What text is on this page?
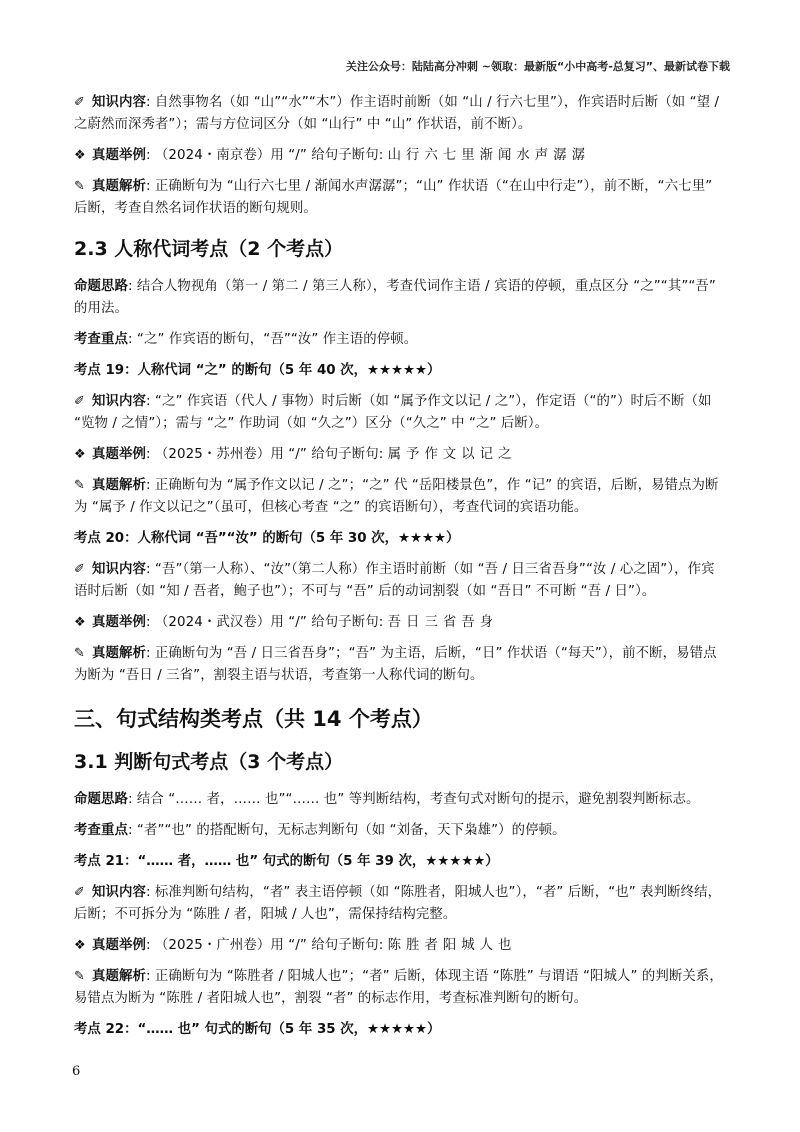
关注公众号：陆陆高分冲刺 ~领取：最新版“小中高考-总复习”、最新试卷下载
✐ 知识内容: 自然事物名（如 “山”“水”“木”）作主语时前断（如 “山 / 行六七里”），作宾语时后断（如 “望 / 之蔚然而深秀者”）；需与方位词区分（如 “山行” 中 “山” 作状语，前不断）。
❖ 真题举例: （2024・南京卷）用 “/” 给句子断句: 山行六七里渐闻水声潺潺
✎ 真题解析: 正确断句为 “山行六七里 / 渐闻水声潺潺”；“山” 作状语（“在山中行走”），前不断，“六七里” 后断，考查自然名词作状语的断句规则。
2.3 人称代词考点（2 个考点）
命题思路: 结合人物视角（第一 / 第二 / 第三人称），考查代词作主语 / 宾语的停顿，重点区分 “之”“其”“吾” 的用法。
考查重点: “之” 作宾语的断句，“吾”“汝” 作主语的停顿。
考点 19：人称代词 “之” 的断句（5 年 40 次，★★★★★）
✐ 知识内容: “之” 作宾语（代人 / 事物）时后断（如 “属予作文以记 / 之”），作定语（“的”）时后不断（如 “览物 / 之情”）；需与 “之” 作助词（如 “久之”）区分（“久之” 中 “之” 后断）。
❖ 真题举例: （2025・苏州卷）用 “/” 给句子断句: 属予作文以记之
✎ 真题解析: 正确断句为 “属予作文以记 / 之”；“之” 代 “岳阳楼景色”，作 “记” 的宾语，后断，易错点为断为 “属予 / 作文以记之”（虽可，但核心考查 “之” 的宾语断句），考查代词的宾语功能。
考点 20：人称代词 “吾”“汝” 的断句（5 年 30 次，★★★★）
✐ 知识内容: “吾”（第一人称）、“汝”（第二人称）作主语时前断（如 “吾 / 日三省吾身”“汝 / 心之固”），作宾语时后断（如 “知 / 吾者，鲍子也”）；不可与 “吾” 后的动词割裂（如 “吾日” 不可断 “吾 / 日”）。
❖ 真题举例: （2024・武汉卷）用 “/” 给句子断句: 吾日三省吾身
✎ 真题解析: 正确断句为 “吾 / 日三省吾身”；“吾” 为主语，后断，“日” 作状语（“每天”），前不断，易错点为断为 “吾日 / 三省”，割裂主语与状语，考查第一人称代词的断句。
三、句式结构类考点（共 14 个考点）
3.1 判断句式考点（3 个考点）
命题思路: 结合 “…… 者，…… 也”“…… 也” 等判断结构，考查句式对断句的提示，避免割裂判断标志。
考查重点: “者”“也” 的搭配断句，无标志判断句（如 “刘备，天下枭雄”）的停顿。
考点 21：“…… 者，…… 也” 句式的断句（5 年 39 次，★★★★★）
✐ 知识内容: 标准判断句结构，“者” 表主语停顿（如 “陈胜者，阳城人也”），“者” 后断，“也” 表判断终结，后断；不可拆分为 “陈胜 / 者，阳城 / 人也”，需保持结构完整。
❖ 真题举例: （2025・广州卷）用 “/” 给句子断句: 陈胜者阳城人也
✎ 真题解析: 正确断句为 “陈胜者 / 阳城人也”；“者” 后断，体现主语 “陈胜” 与谓语 “阳城人” 的判断关系，易错点为断为 “陈胜 / 者阳城人也”，割裂 “者” 的标志作用，考查标准判断句的断句。
考点 22：“…… 也” 句式的断句（5 年 35 次，★★★★★）
6
